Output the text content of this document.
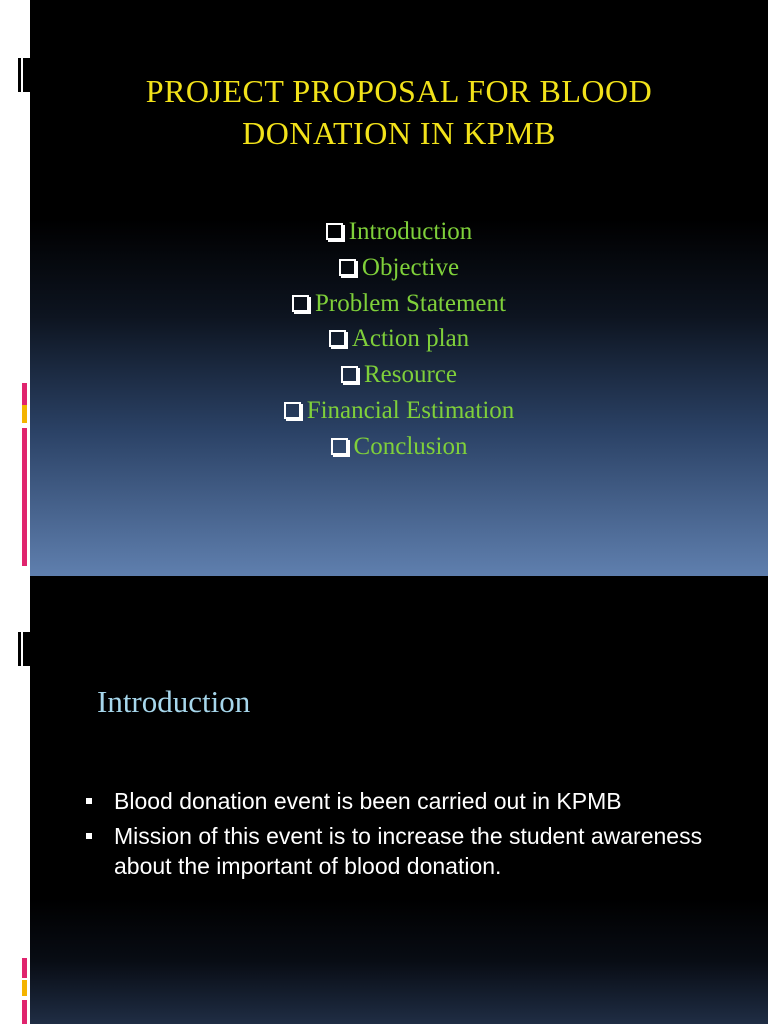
PROJECT PROPOSAL FOR BLOOD
DONATION IN KPMB
Introduction
Objective
Problem Statement
Action plan
Resource
Financial Estimation
Conclusion
Introduction
Blood donation event is been carried out in KPMB
Mission of this event is to increase the student awareness about the important of blood donation.
